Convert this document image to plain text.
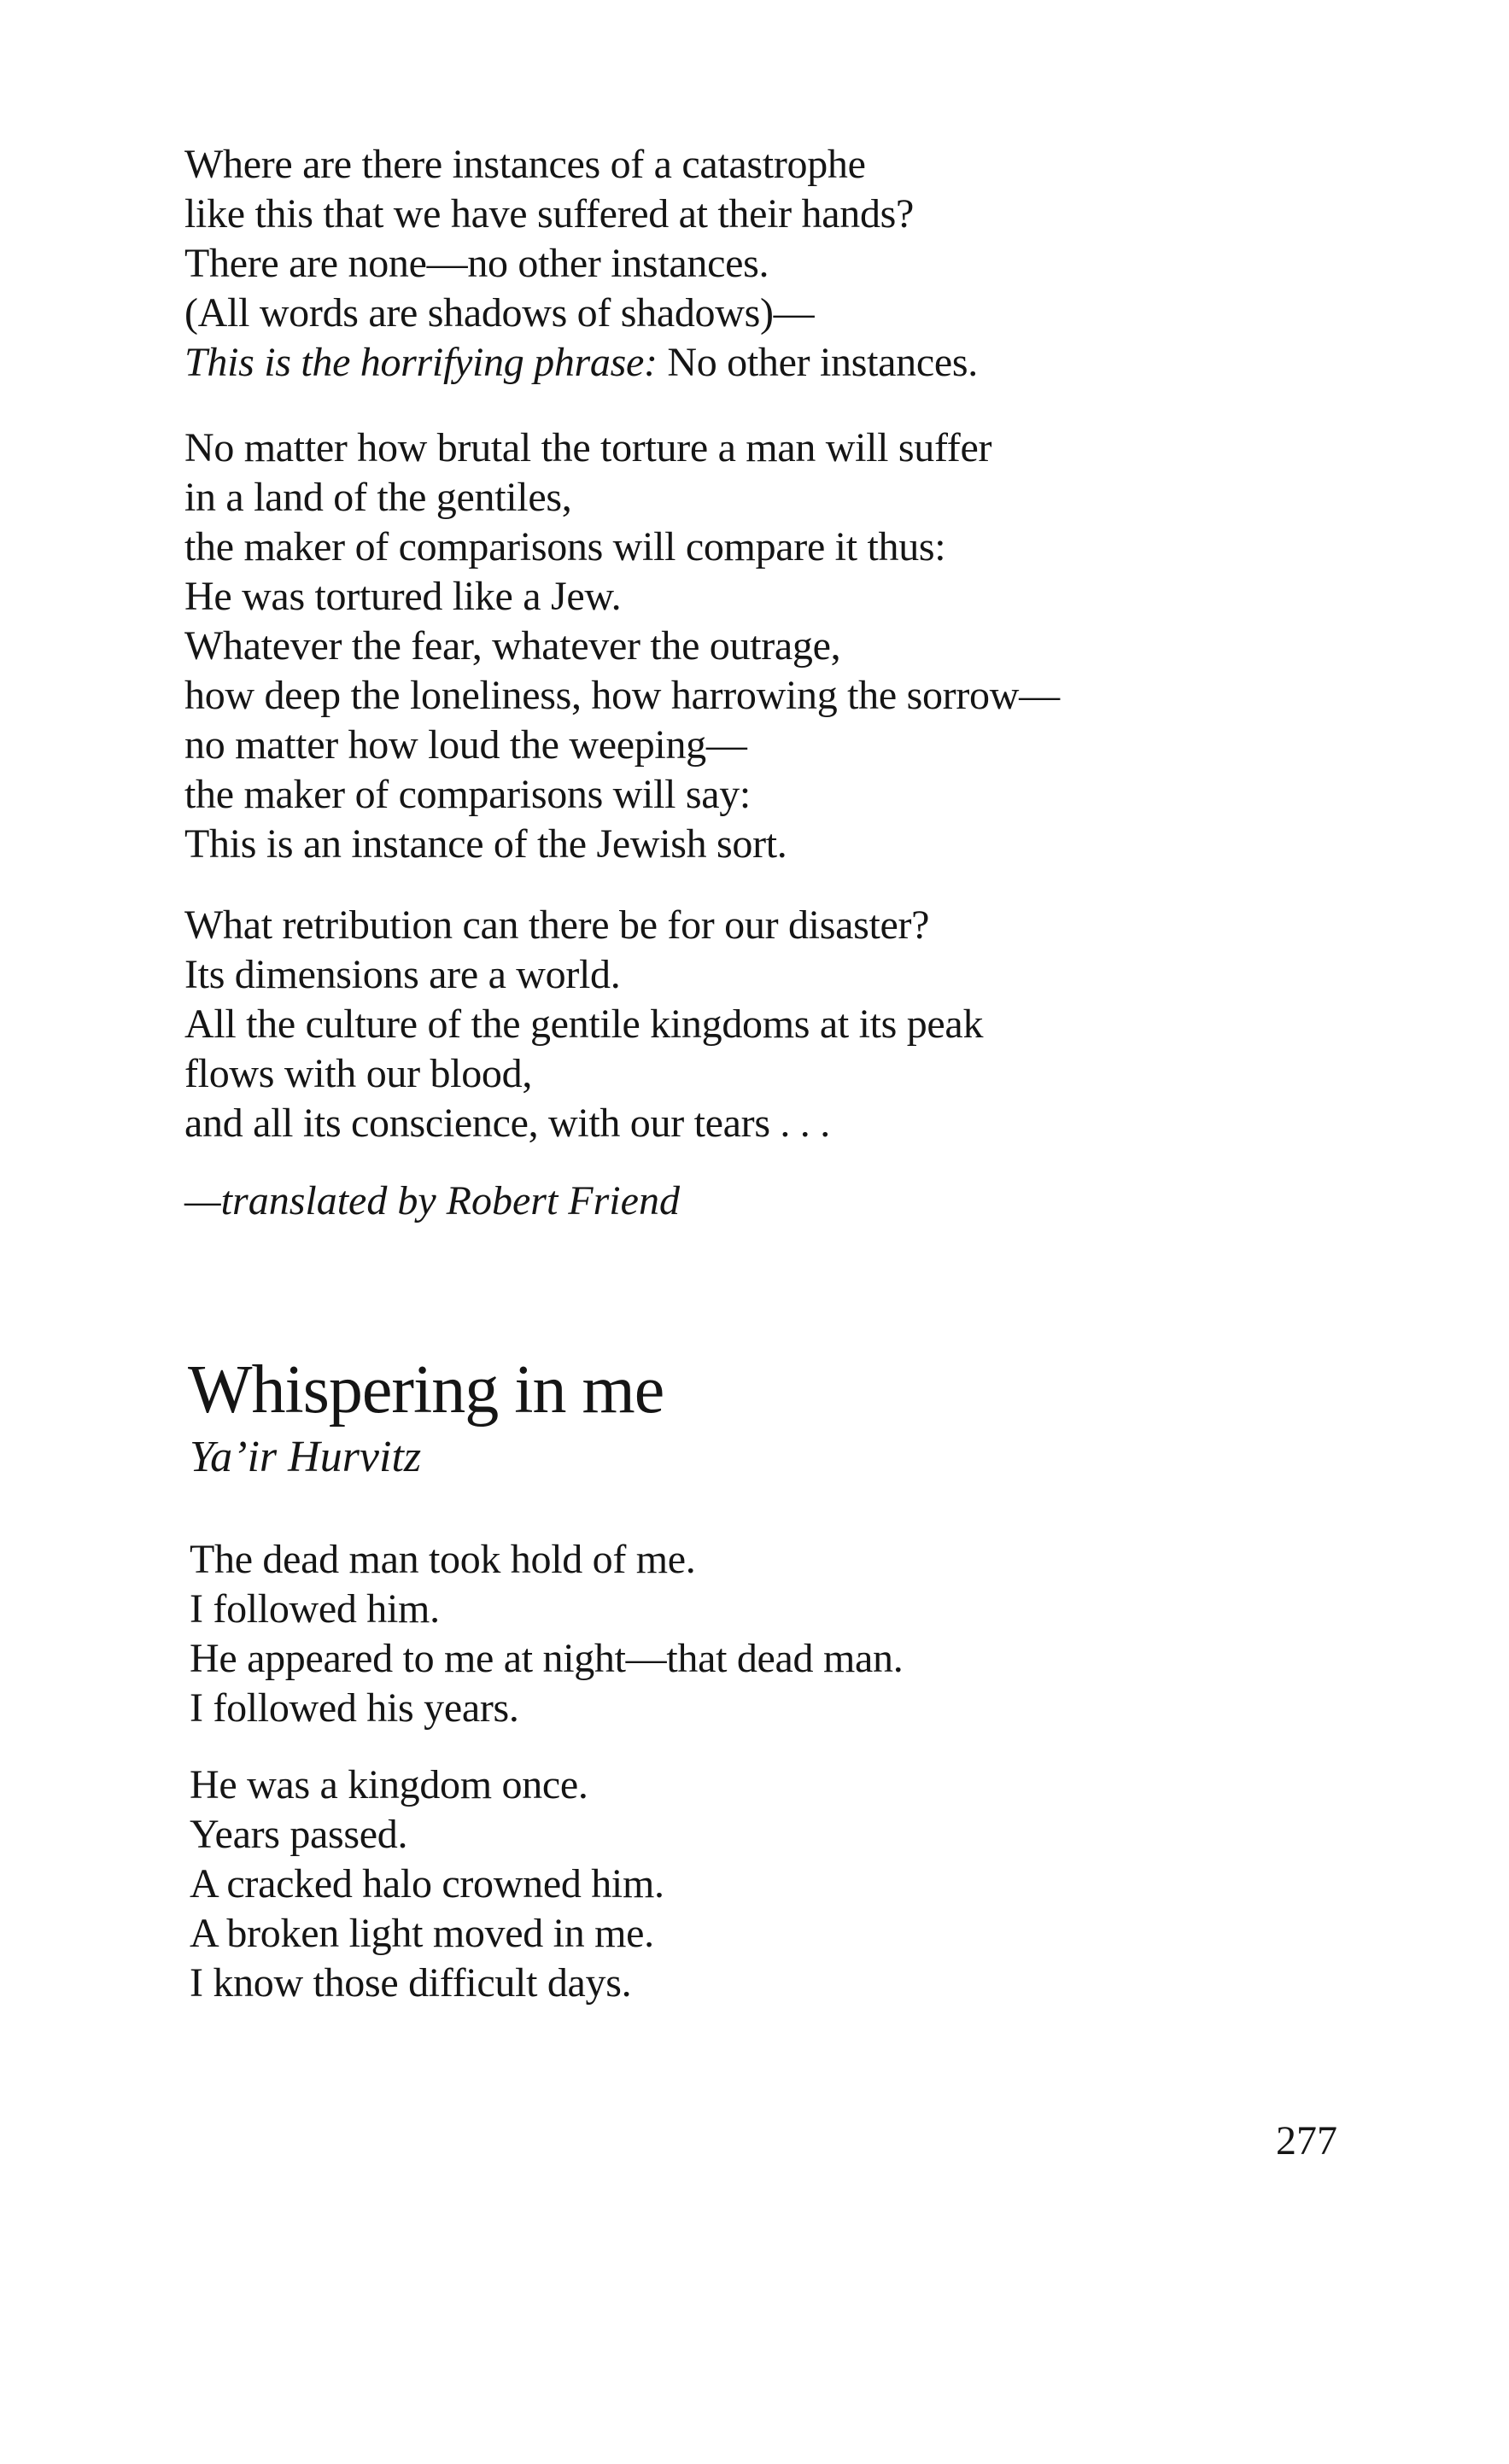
Where are there instances of a catastrophe
like this that we have suffered at their hands?
There are none—no other instances.
(All words are shadows of shadows)—
This is the horrifying phrase: No other instances.
No matter how brutal the torture a man will suffer
in a land of the gentiles,
the maker of comparisons will compare it thus:
He was tortured like a Jew.
Whatever the fear, whatever the outrage,
how deep the loneliness, how harrowing the sorrow—
no matter how loud the weeping—
the maker of comparisons will say:
This is an instance of the Jewish sort.
What retribution can there be for our disaster?
Its dimensions are a world.
All the culture of the gentile kingdoms at its peak
flows with our blood,
and all its conscience, with our tears . . .
—translated by Robert Friend
Whispering in me
Ya’ir Hurvitz
The dead man took hold of me.
I followed him.
He appeared to me at night—that dead man.
I followed his years.
He was a kingdom once.
Years passed.
A cracked halo crowned him.
A broken light moved in me.
I know those difficult days.
277
